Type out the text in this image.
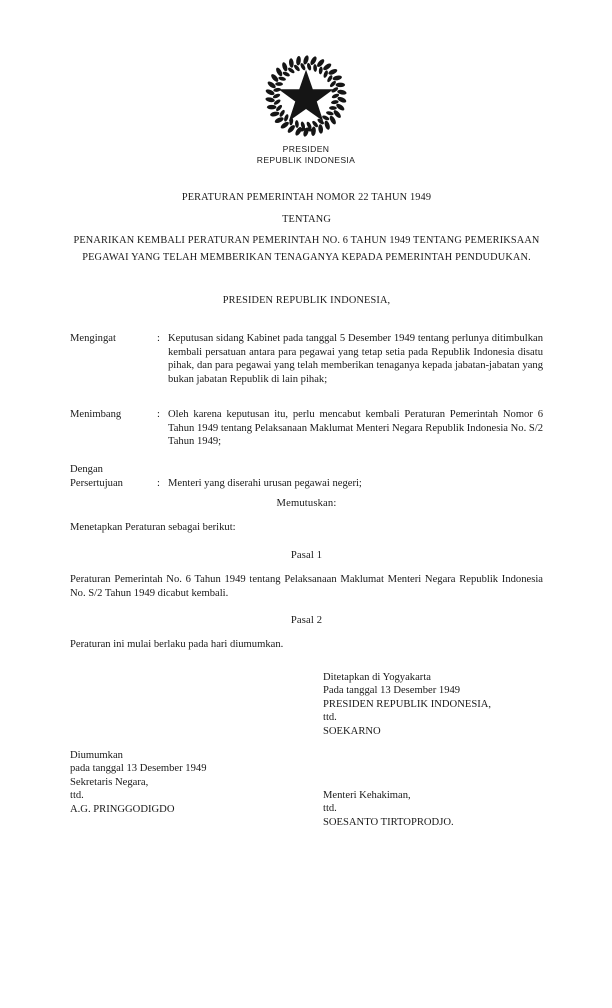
PRESIDEN
REPUBLIK INDONESIA
PERATURAN PEMERINTAH NOMOR 22 TAHUN 1949
TENTANG
PENARIKAN KEMBALI PERATURAN PEMERINTAH NO. 6 TAHUN 1949 TENTANG PEMERIKSAAN PEGAWAI YANG TELAH MEMBERIKAN TENAGANYA KEPADA PEMERINTAH PENDUDUKAN.
PRESIDEN REPUBLIK INDONESIA,
Mengingat	: Keputusan sidang Kabinet pada tanggal 5 Desember 1949 tentang perlunya ditimbulkan kembali persatuan antara para pegawai yang tetap setia pada Republik Indonesia disatu pihak, dan para pegawai yang telah memberikan tenaganya kepada jabatan-jabatan yang bukan jabatan Republik di lain pihak;
Menimbang	: Oleh karena keputusan itu, perlu mencabut kembali Peraturan Pemerintah Nomor 6 Tahun 1949 tentang Pelaksanaan Maklumat Menteri Negara Republik Indonesia No. S/2 Tahun 1949;
Dengan
Persertujuan	: Menteri yang diserahi urusan pegawai negeri;
Memutuskan:
Menetapkan Peraturan sebagai berikut:
Pasal 1
Peraturan Pemerintah No. 6 Tahun 1949 tentang Pelaksanaan Maklumat Menteri Negara Republik Indonesia No. S/2 Tahun 1949 dicabut kembali.
Pasal 2
Peraturan ini mulai berlaku pada hari diumumkan.
Ditetapkan di Yogyakarta
Pada tanggal 13 Desember 1949
PRESIDEN REPUBLIK INDONESIA,
ttd.
SOEKARNO
Diumumkan
pada tanggal 13 Desember 1949
Sekretaris Negara,
ttd.
A.G. PRINGGODIGDO
Menteri Kehakiman,
ttd.
SOESANTO TIRTOPRODJO.
